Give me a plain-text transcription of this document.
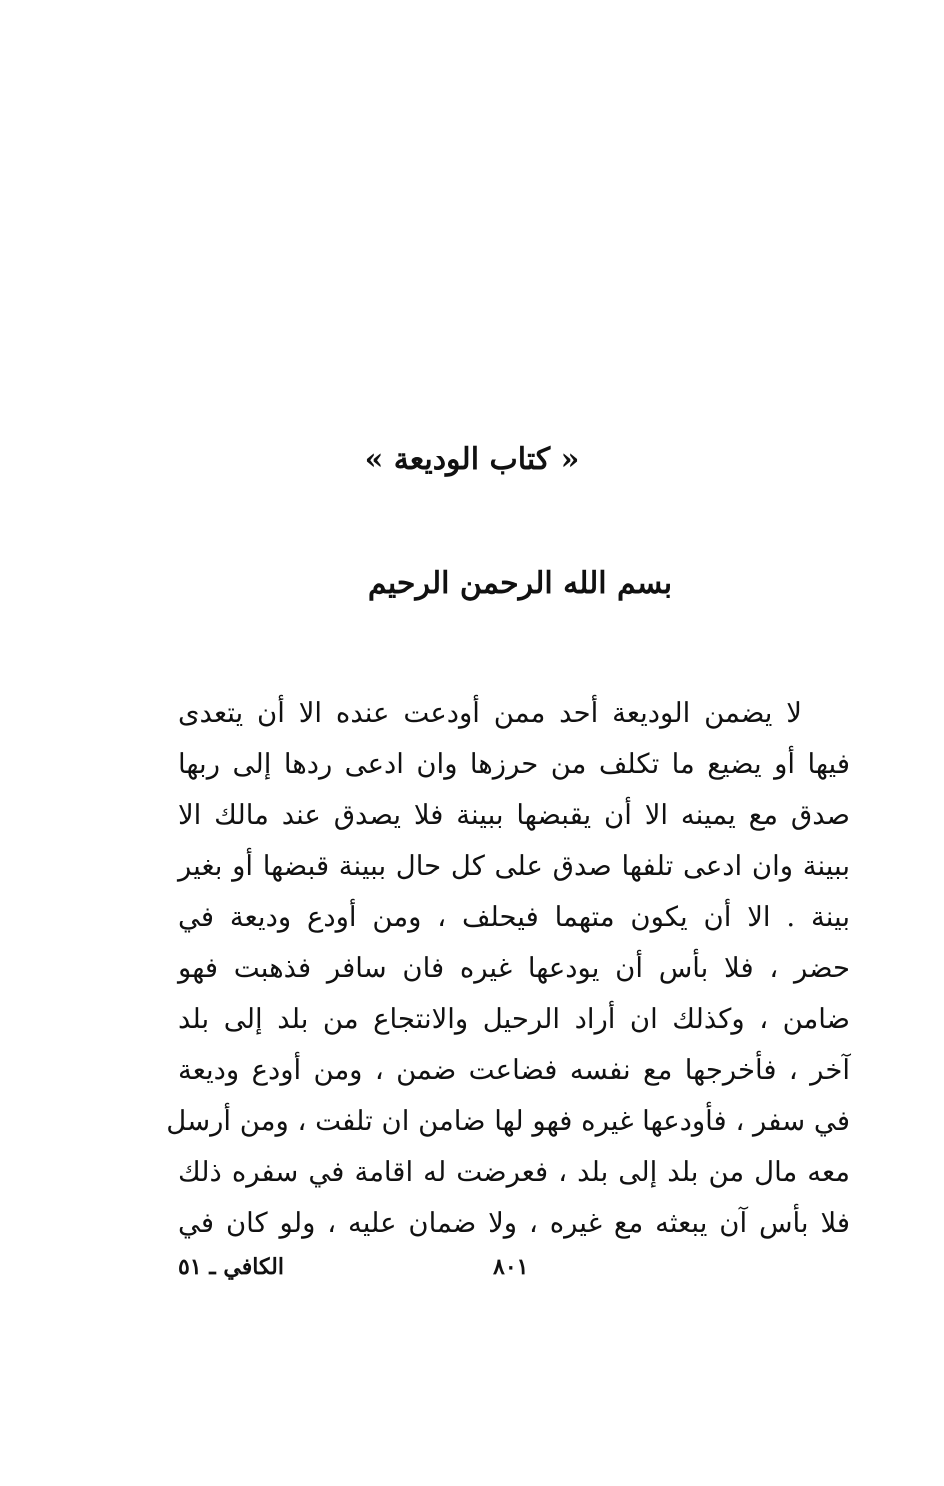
« كتاب الوديعة »
بسم الله الرحمن الرحيم
لا يضمن الوديعة أحد ممن أودعت عنده الا أن يتعدى
فيها أو يضيع ما تكلف من حرزها وان ادعى ردها إلى ربها
صدق مع يمينه الا أن يقبضها ببينة فلا يصدق عند مالك الا
ببينة وان ادعى تلفها صدق على كل حال ببينة قبضها أو بغير
بينة . الا أن يكون متهما فيحلف ، ومن أودع وديعة في
حضر ، فلا بأس أن يودعها غيره فان سافر فذهبت فهو
ضامن ، وكذلك ان أراد الرحيل والانتجاع من بلد إلى بلد
آخر ، فأخرجها مع نفسه فضاعت ضمن ، ومن أودع وديعة
في سفر ، فأودعها غيره فهو لها ضامن ان تلفت ، ومن أرسل
معه مال من بلد إلى بلد ، فعرضت له اقامة في سفره ذلك
فلا بأس آن يبعثه مع غيره ، ولا ضمان عليه ، ولو كان في
الكافي ـ ٥١	٨٠١
